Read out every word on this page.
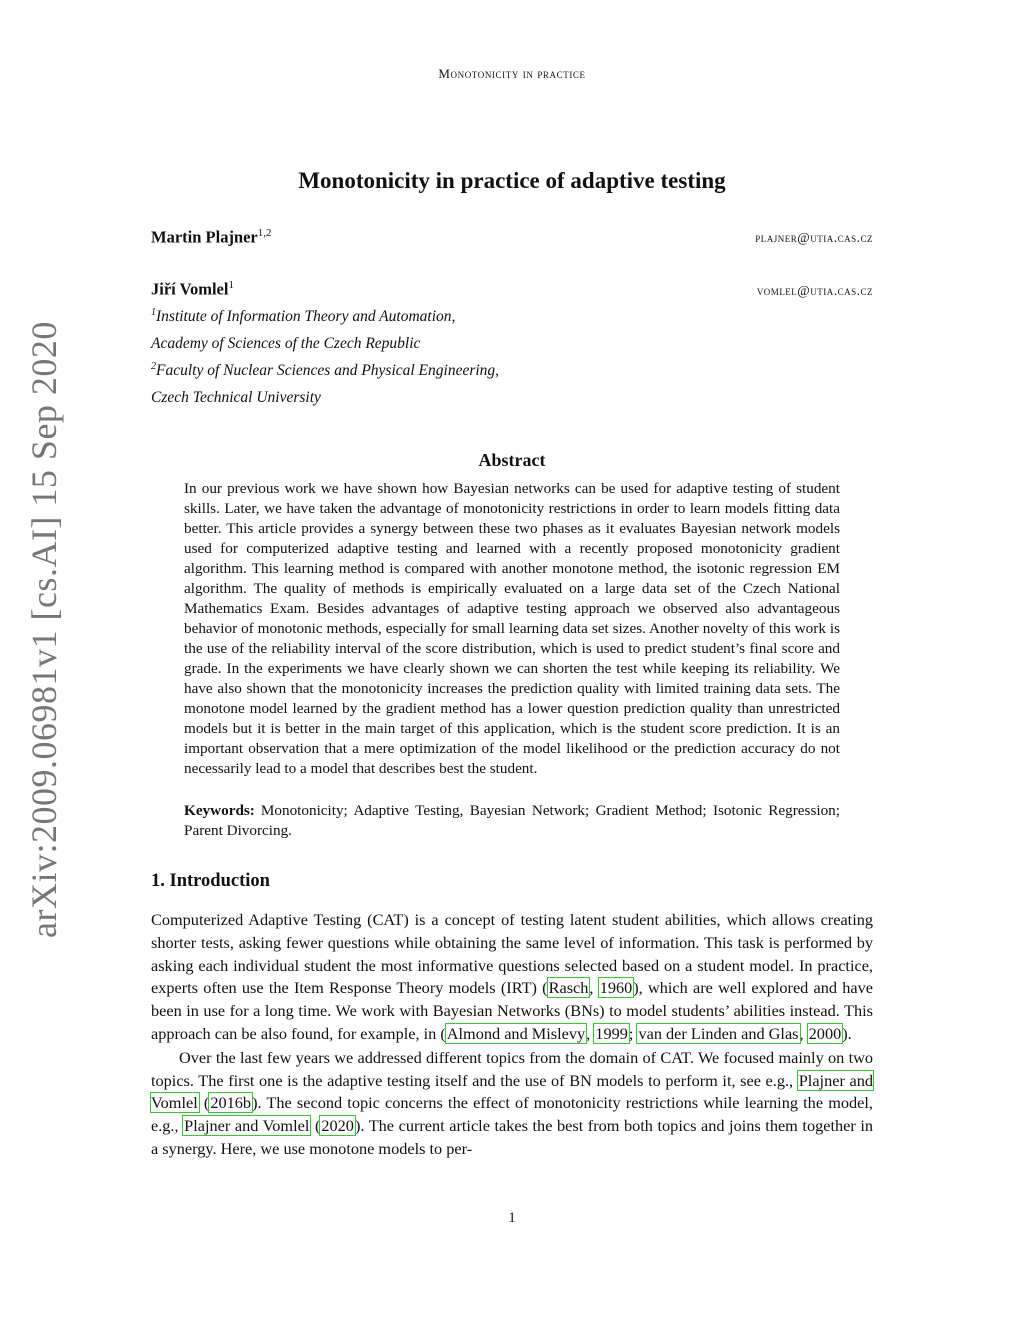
Monotonicity in practice
arXiv:2009.06981v1 [cs.AI] 15 Sep 2020
Monotonicity in practice of adaptive testing
Martin Plajner$^{1,2}$	plajner@utia.cas.cz
Jiří Vomlel$^1$	vomlel@utia.cas.cz
$^1$Institute of Information Theory and Automation,
Academy of Sciences of the Czech Republic
$^2$Faculty of Nuclear Sciences and Physical Engineering,
Czech Technical University
Abstract
In our previous work we have shown how Bayesian networks can be used for adaptive testing of student skills. Later, we have taken the advantage of monotonicity restrictions in order to learn models fitting data better. This article provides a synergy between these two phases as it evaluates Bayesian network models used for computerized adaptive testing and learned with a recently proposed monotonicity gradient algorithm. This learning method is compared with another monotone method, the isotonic regression EM algorithm. The quality of methods is empirically evaluated on a large data set of the Czech National Mathematics Exam. Besides advantages of adaptive testing approach we observed also advantageous behavior of monotonic methods, especially for small learning data set sizes. Another novelty of this work is the use of the reliability interval of the score distribution, which is used to predict student’s final score and grade. In the experiments we have clearly shown we can shorten the test while keeping its reliability. We have also shown that the monotonicity increases the prediction quality with limited training data sets. The monotone model learned by the gradient method has a lower question prediction quality than unrestricted models but it is better in the main target of this application, which is the student score prediction. It is an important observation that a mere optimization of the model likelihood or the prediction accuracy do not necessarily lead to a model that describes best the student.
Keywords: Monotonicity; Adaptive Testing, Bayesian Network; Gradient Method; Isotonic Regression; Parent Divorcing.
1. Introduction

Computerized Adaptive Testing (CAT) is a concept of testing latent student abilities, which allows creating shorter tests, asking fewer questions while obtaining the same level of information. This task is performed by asking each individual student the most informative questions selected based on a student model. In practice, experts often use the Item Response Theory models (IRT) (Rasch, 1960), which are well explored and have been in use for a long time. We work with Bayesian Networks (BNs) to model students’ abilities instead. This approach can be also found, for example, in (Almond and Mislevy, 1999; van der Linden and Glas, 2000).

Over the last few years we addressed different topics from the domain of CAT. We focused mainly on two topics. The first one is the adaptive testing itself and the use of BN models to perform it, see e.g., Plajner and Vomlel (2016b). The second topic concerns the effect of monotonicity restrictions while learning the model, e.g., Plajner and Vomlel (2020). The current article takes the best from both topics and joins them together in a synergy. Here, we use monotone models to per-

1
